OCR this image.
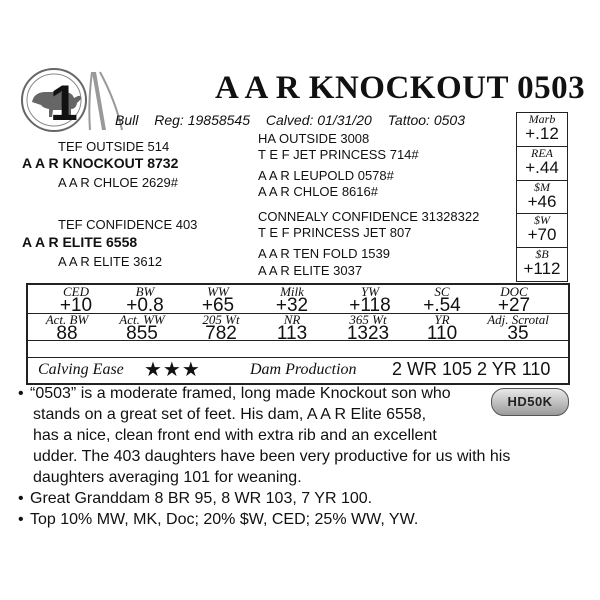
1	A A R KNOCKOUT 0503
Bull Reg: 19858545 Calved: 01/31/20 Tattoo: 0503
HA OUTSIDE 3008
TEF OUTSIDE 514
T E F JET PRINCESS 714#
A A R KNOCKOUT 8732
A A R LEUPOLD 0578#
A A R CHLOE 2629#
A A R CHLOE 8616#
CONNEALY CONFIDENCE 31328322
TEF CONFIDENCE 403
T E F PRINCESS JET 807
A A R ELITE 6558
A A R TEN FOLD 1539
A A R ELITE 3612
A A R ELITE 3037
Marb
+.12
REA
+.44
$M
+46
$W
+70
$B
+112
CED	BW	WW	Milk	YW	SC	DOC
+10	+0.8	+65	+32	+118	+.54	+27
Act. BW	Act. WW	205 Wt	NR	365 Wt	YR	Adj. Scrotal
88	855	782	113	1323	110	35
Calving Ease ★★★	Dam Production 2 WR 105 2 YR 110
HD50K
• “0503” is a moderate framed, long made Knockout son who
stands on a great set of feet. His dam, A A R Elite 6558,
has a nice, clean front end with extra rib and an excellent
udder. The 403 daughters have been very productive for us with his
daughters averaging 101 for weaning.
• Great Granddam 8 BR 95, 8 WR 103, 7 YR 100.
• Top 10% MW, MK, Doc; 20% $W, CED; 25% WW, YW.
